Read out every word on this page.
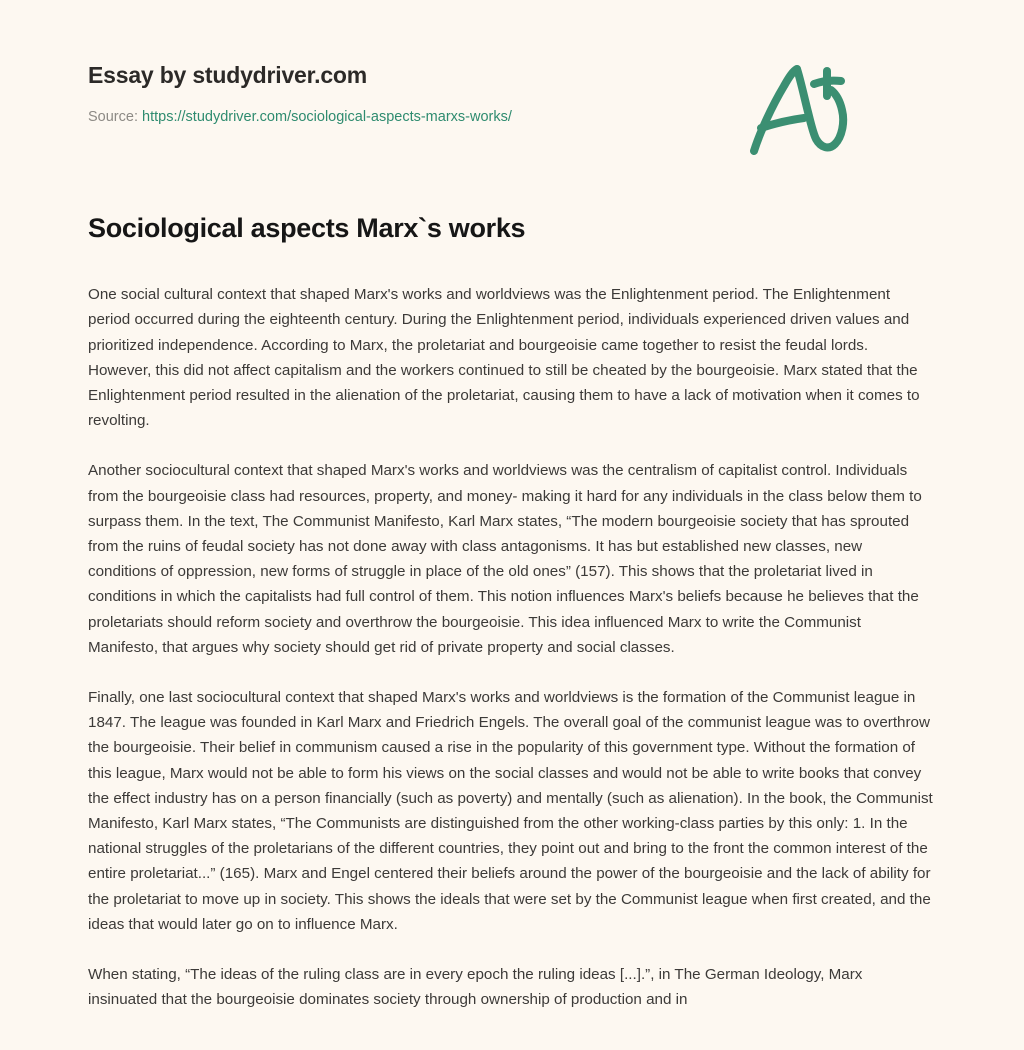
Essay by studydriver.com
Source: https://studydriver.com/sociological-aspects-marxs-works/
Sociological aspects Marx`s works

One social cultural context that shaped Marx's works and worldviews was the Enlightenment period. The Enlightenment period occurred during the eighteenth century. During the Enlightenment period, individuals experienced driven values and prioritized independence. According to Marx, the proletariat and bourgeoisie came together to resist the feudal lords. However, this did not affect capitalism and the workers continued to still be cheated by the bourgeoisie. Marx stated that the Enlightenment period resulted in the alienation of the proletariat, causing them to have a lack of motivation when it comes to revolting.

Another sociocultural context that shaped Marx's works and worldviews was the centralism of capitalist control. Individuals from the bourgeoisie class had resources, property, and money- making it hard for any individuals in the class below them to surpass them. In the text, The Communist Manifesto, Karl Marx states, “The modern bourgeoisie society that has sprouted from the ruins of feudal society has not done away with class antagonisms. It has but established new classes, new conditions of oppression, new forms of struggle in place of the old ones” (157). This shows that the proletariat lived in conditions in which the capitalists had full control of them. This notion influences Marx's beliefs because he believes that the proletariats should reform society and overthrow the bourgeoisie. This idea influenced Marx to write the Communist Manifesto, that argues why society should get rid of private property and social classes.

Finally, one last sociocultural context that shaped Marx's works and worldviews is the formation of the Communist league in 1847. The league was founded in Karl Marx and Friedrich Engels. The overall goal of the communist league was to overthrow the bourgeoisie. Their belief in communism caused a rise in the popularity of this government type. Without the formation of this league, Marx would not be able to form his views on the social classes and would not be able to write books that convey the effect industry has on a person financially (such as poverty) and mentally (such as alienation). In the book, the Communist Manifesto, Karl Marx states, “The Communists are distinguished from the other working-class parties by this only: 1. In the national struggles of the proletarians of the different countries, they point out and bring to the front the common interest of the entire proletariat...” (165). Marx and Engel centered their beliefs around the power of the bourgeoisie and the lack of ability for the proletariat to move up in society. This shows the ideals that were set by the Communist league when first created, and the ideas that would later go on to influence Marx.

When stating, “The ideas of the ruling class are in every epoch the ruling ideas [...].”, in The German Ideology, Marx insinuated that the bourgeoisie dominates society through ownership of production and in
